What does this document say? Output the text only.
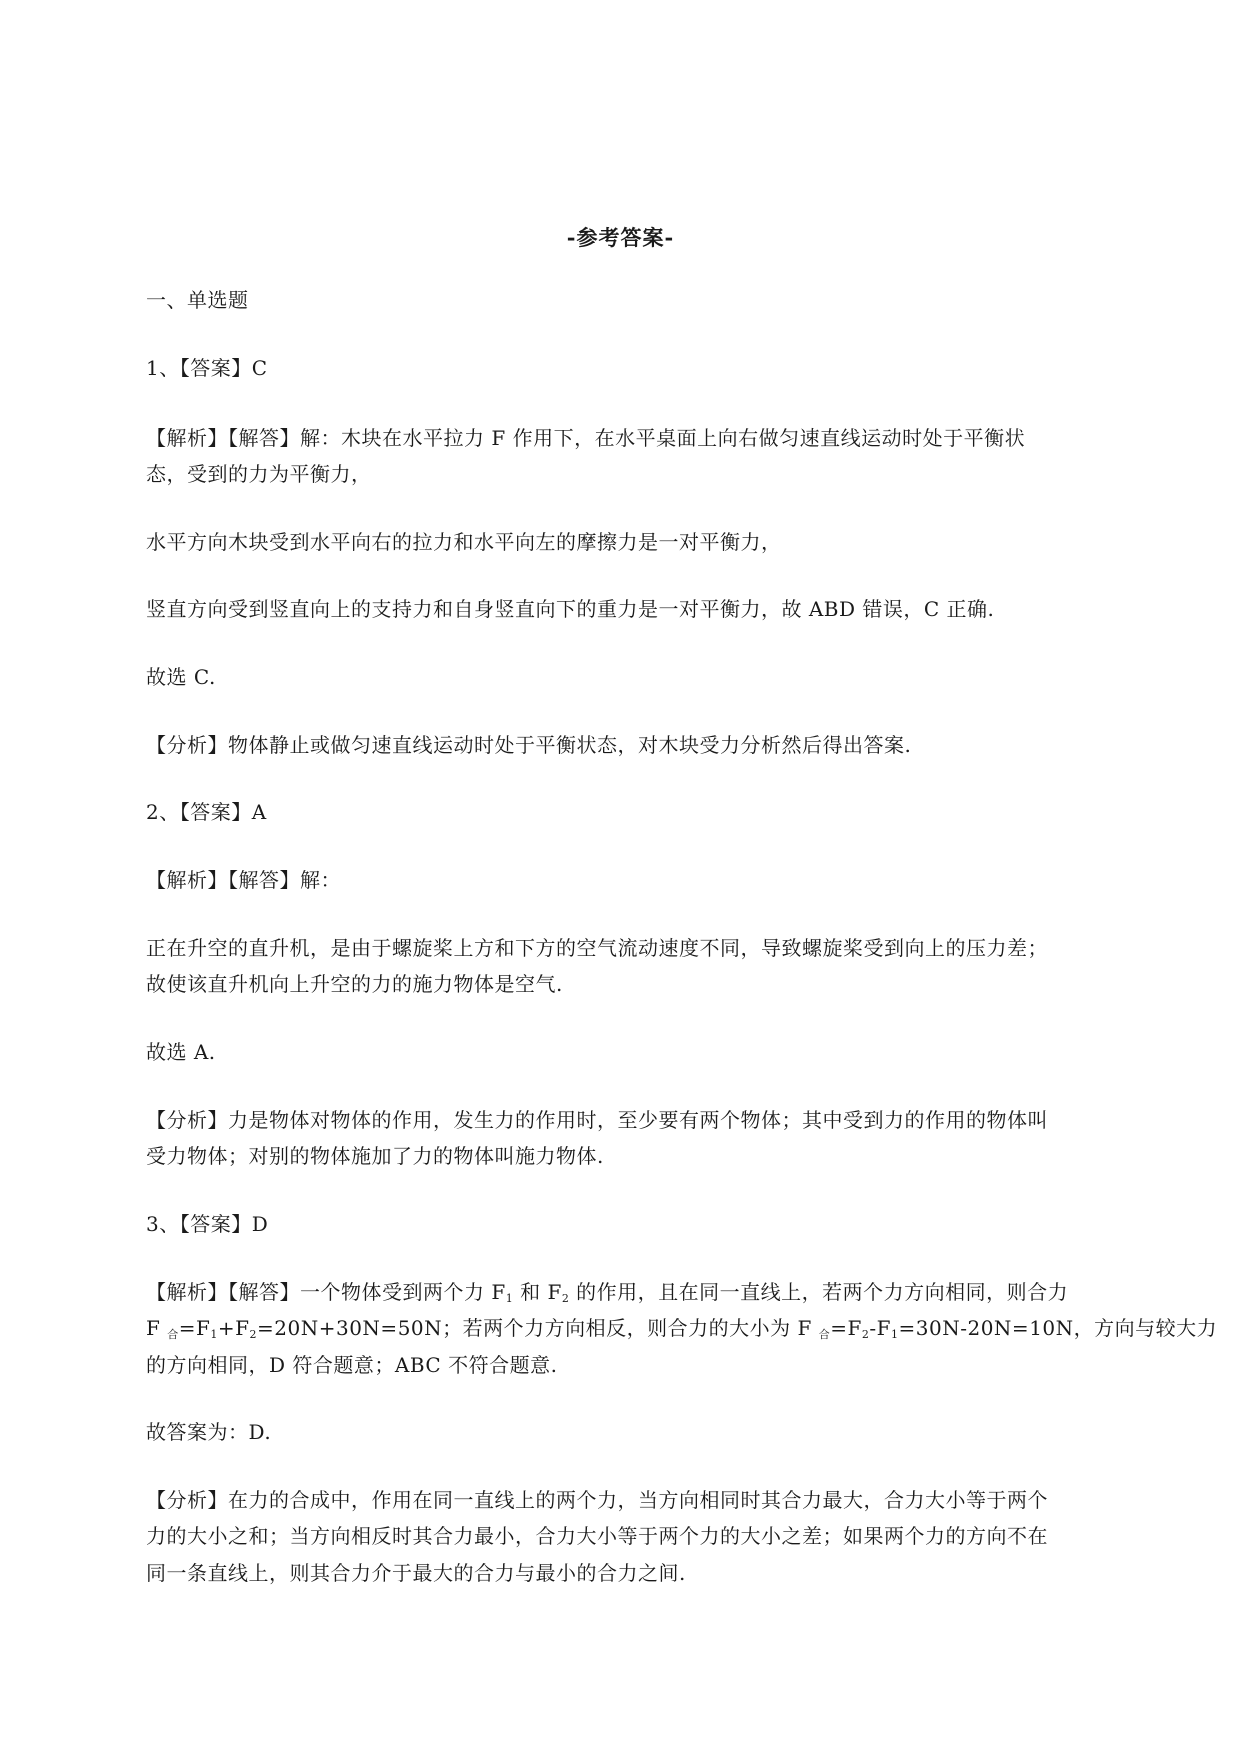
-参考答案-
一、单选题
1、【答案】C
【解析】【解答】解：木块在水平拉力 F 作用下，在水平桌面上向右做匀速直线运动时处于平衡状
态，受到的力为平衡力，
水平方向木块受到水平向右的拉力和水平向左的摩擦力是一对平衡力，
竖直方向受到竖直向上的支持力和自身竖直向下的重力是一对平衡力，故 ABD 错误，C 正确.
故选 C.
【分析】物体静止或做匀速直线运动时处于平衡状态，对木块受力分析然后得出答案.
2、【答案】A
【解析】【解答】解：
正在升空的直升机，是由于螺旋桨上方和下方的空气流动速度不同，导致螺旋桨受到向上的压力差；
故使该直升机向上升空的力的施力物体是空气.
故选 A.
【分析】力是物体对物体的作用，发生力的作用时，至少要有两个物体；其中受到力的作用的物体叫
受力物体；对别的物体施加了力的物体叫施力物体.
3、【答案】D
【解析】【解答】一个物体受到两个力 $F_1$ 和 $F_2$ 的作用，且在同一直线上，若两个力方向相同，则合力
F $_合=F_1+F_2=20N+30N=50N$；若两个力方向相反，则合力的大小为 F $_合=F_2-F_1=30N-20N=10N$，方向与较大力
的方向相同，D 符合题意；ABC 不符合题意.
故答案为：D.
【分析】在力的合成中，作用在同一直线上的两个力，当方向相同时其合力最大，合力大小等于两个
力的大小之和；当方向相反时其合力最小，合力大小等于两个力的大小之差；如果两个力的方向不在
同一条直线上，则其合力介于最大的合力与最小的合力之间.
